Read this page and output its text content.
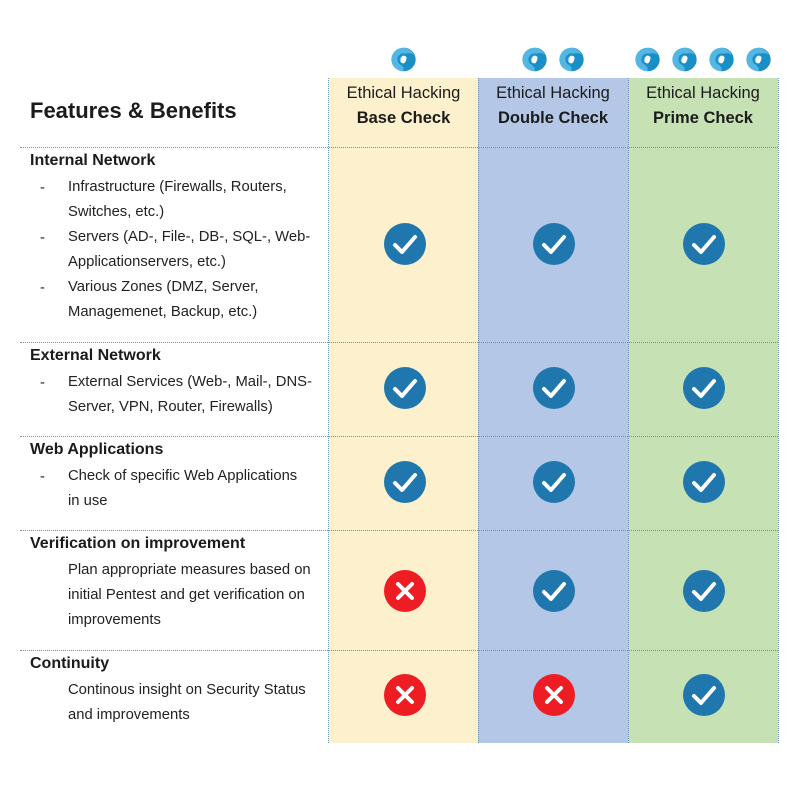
Ethical Hacking
Base Check
Ethical Hacking
Double Check
Ethical Hacking
Prime Check
Features & Benefits
Internal Network
- Infrastructure (Firewalls, Routers,
Switches, etc.)
- Servers (AD-, File-, DB-, SQL-, Web-
Applicationservers, etc.)
- Various Zones (DMZ, Server,
Managemenet, Backup, etc.)
External Network
- External Services (Web-, Mail-, DNS-
Server, VPN, Router, Firewalls)
Web Applications
- Check of specific Web Applications
in use
Verification on improvement
Plan appropriate measures based on
initial Pentest and get verification on
improvements
Continuity
Continous insight on Security Status
and improvements
